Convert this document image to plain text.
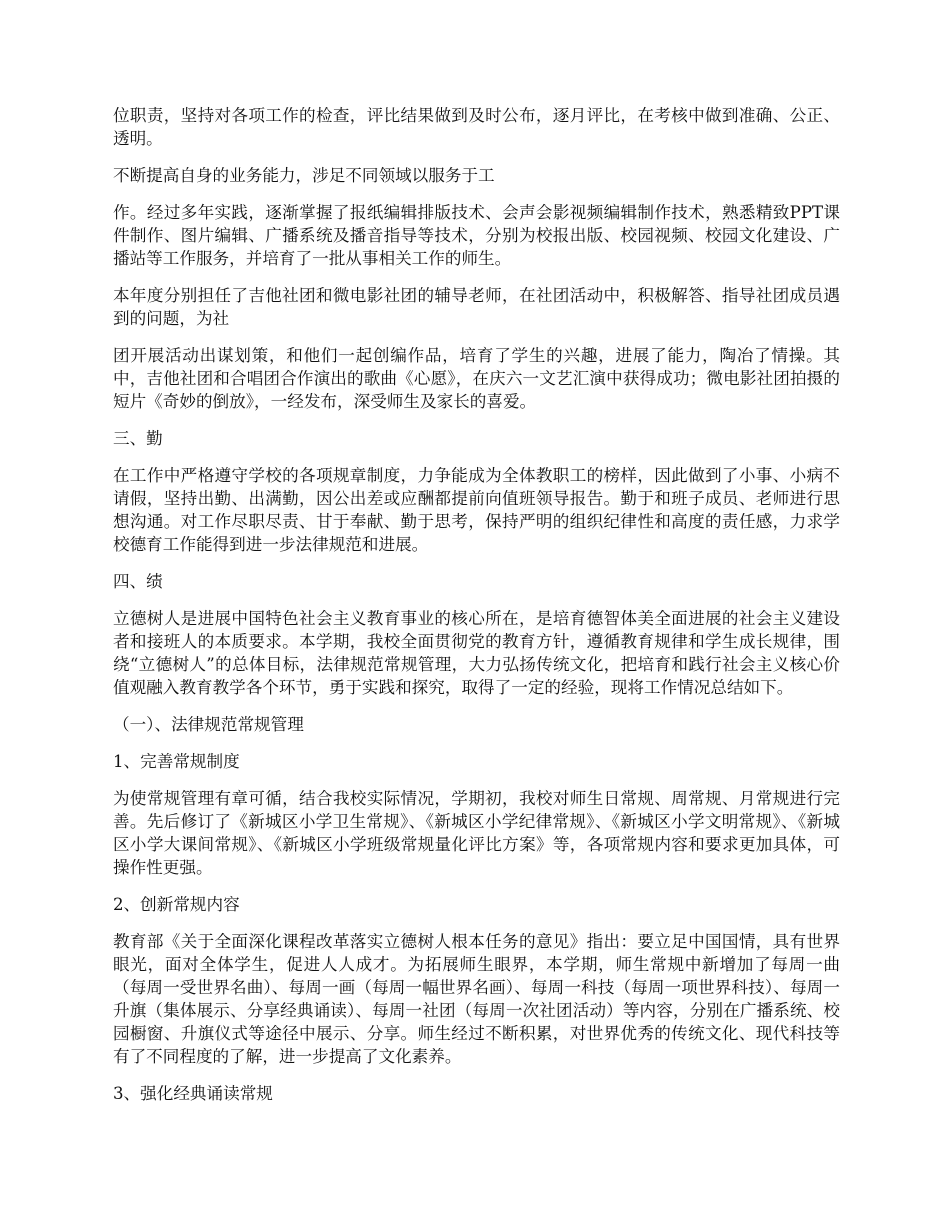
位职责，坚持对各项工作的检查，评比结果做到及时公布，逐月评比，在考核中做到准确、公正、透明。

不断提高自身的业务能力，涉足不同领域以服务于工

作。经过多年实践，逐渐掌握了报纸编辑排版技术、会声会影视频编辑制作技术，熟悉精致PPT课件制作、图片编辑、广播系统及播音指导等技术，分别为校报出版、校园视频、校园文化建设、广播站等工作服务，并培育了一批从事相关工作的师生。

本年度分别担任了吉他社团和微电影社团的辅导老师，在社团活动中，积极解答、指导社团成员遇到的问题，为社

团开展活动出谋划策，和他们一起创编作品，培育了学生的兴趣，进展了能力，陶冶了情操。其中，吉他社团和合唱团合作演出的歌曲《心愿》，在庆六一文艺汇演中获得成功；微电影社团拍摄的短片《奇妙的倒放》，一经发布，深受师生及家长的喜爱。

三、勤

在工作中严格遵守学校的各项规章制度，力争能成为全体教职工的榜样，因此做到了小事、小病不请假，坚持出勤、出满勤，因公出差或应酬都提前向值班领导报告。勤于和班子成员、老师进行思想沟通。对工作尽职尽责、甘于奉献、勤于思考，保持严明的组织纪律性和高度的责任感，力求学校德育工作能得到进一步法律规范和进展。

四、绩

立德树人是进展中国特色社会主义教育事业的核心所在，是培育德智体美全面进展的社会主义建设者和接班人的本质要求。本学期，我校全面贯彻党的教育方针，遵循教育规律和学生成长规律，围绕“立德树人”的总体目标，法律规范常规管理，大力弘扬传统文化，把培育和践行社会主义核心价值观融入教育教学各个环节，勇于实践和探究，取得了一定的经验，现将工作情况总结如下。

（一）、法律规范常规管理

1、完善常规制度

为使常规管理有章可循，结合我校实际情况，学期初，我校对师生日常规、周常规、月常规进行完善。先后修订了《新城区小学卫生常规》、《新城区小学纪律常规》、《新城区小学文明常规》、《新城区小学大课间常规》、《新城区小学班级常规量化评比方案》等，各项常规内容和要求更加具体，可操作性更强。

2、创新常规内容

教育部《关于全面深化课程改革落实立德树人根本任务的意见》指出：要立足中国国情，具有世界眼光，面对全体学生，促进人人成才。为拓展师生眼界，本学期，师生常规中新增加了每周一曲（每周一受世界名曲）、每周一画（每周一幅世界名画）、每周一科技（每周一项世界科技）、每周一升旗（集体展示、分享经典诵读）、每周一社团（每周一次社团活动）等内容，分别在广播系统、校园橱窗、升旗仪式等途径中展示、分享。师生经过不断积累，对世界优秀的传统文化、现代科技等有了不同程度的了解，进一步提高了文化素养。

3、强化经典诵读常规
